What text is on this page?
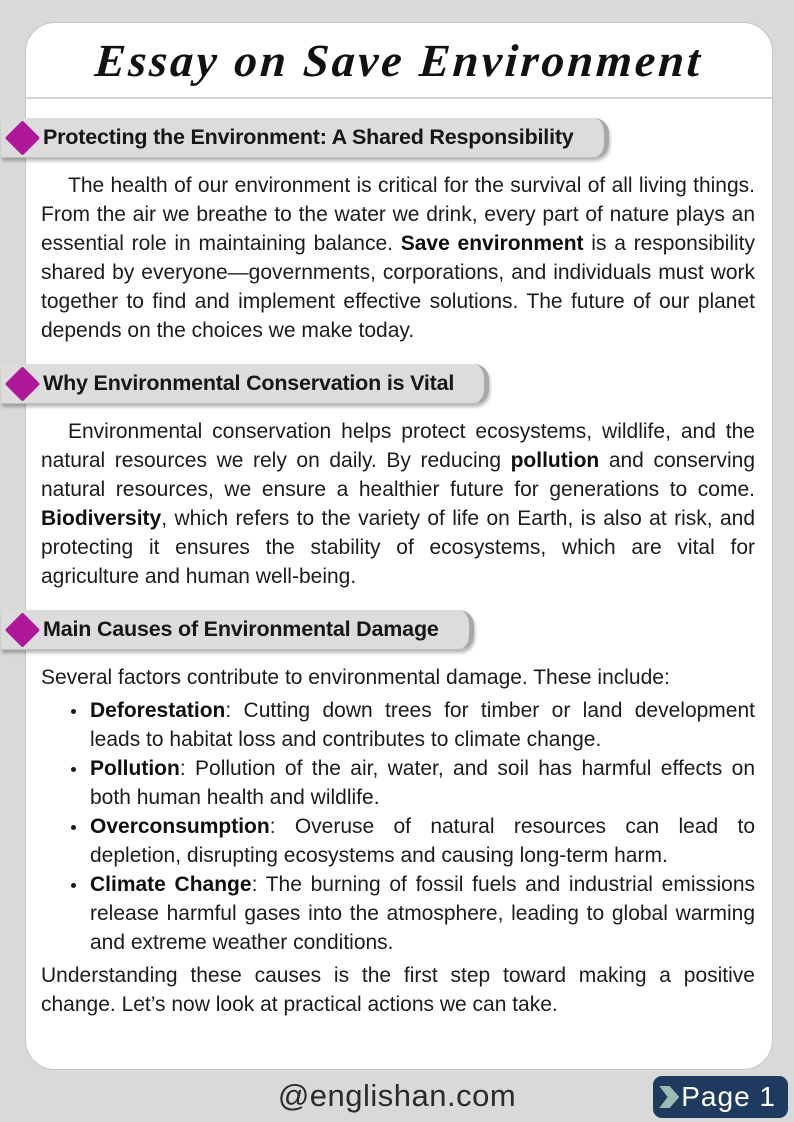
Essay on Save Environment
Protecting the Environment: A Shared Responsibility

The health of our environment is critical for the survival of all living things. From the air we breathe to the water we drink, every part of nature plays an essential role in maintaining balance. Save environment is a responsibility shared by everyone—governments, corporations, and individuals must work together to find and implement effective solutions. The future of our planet depends on the choices we make today.

Why Environmental Conservation is Vital

Environmental conservation helps protect ecosystems, wildlife, and the natural resources we rely on daily. By reducing pollution and conserving natural resources, we ensure a healthier future for generations to come. Biodiversity, which refers to the variety of life on Earth, is also at risk, and protecting it ensures the stability of ecosystems, which are vital for agriculture and human well-being.

Main Causes of Environmental Damage

Several factors contribute to environmental damage. These include:

• Deforestation: Cutting down trees for timber or land development leads to habitat loss and contributes to climate change.
• Pollution: Pollution of the air, water, and soil has harmful effects on both human health and wildlife.
• Overconsumption: Overuse of natural resources can lead to depletion, disrupting ecosystems and causing long-term harm.
• Climate Change: The burning of fossil fuels and industrial emissions release harmful gases into the atmosphere, leading to global warming and extreme weather conditions.

Understanding these causes is the first step toward making a positive change. Let’s now look at practical actions we can take.

@englishan.com	Page 1
